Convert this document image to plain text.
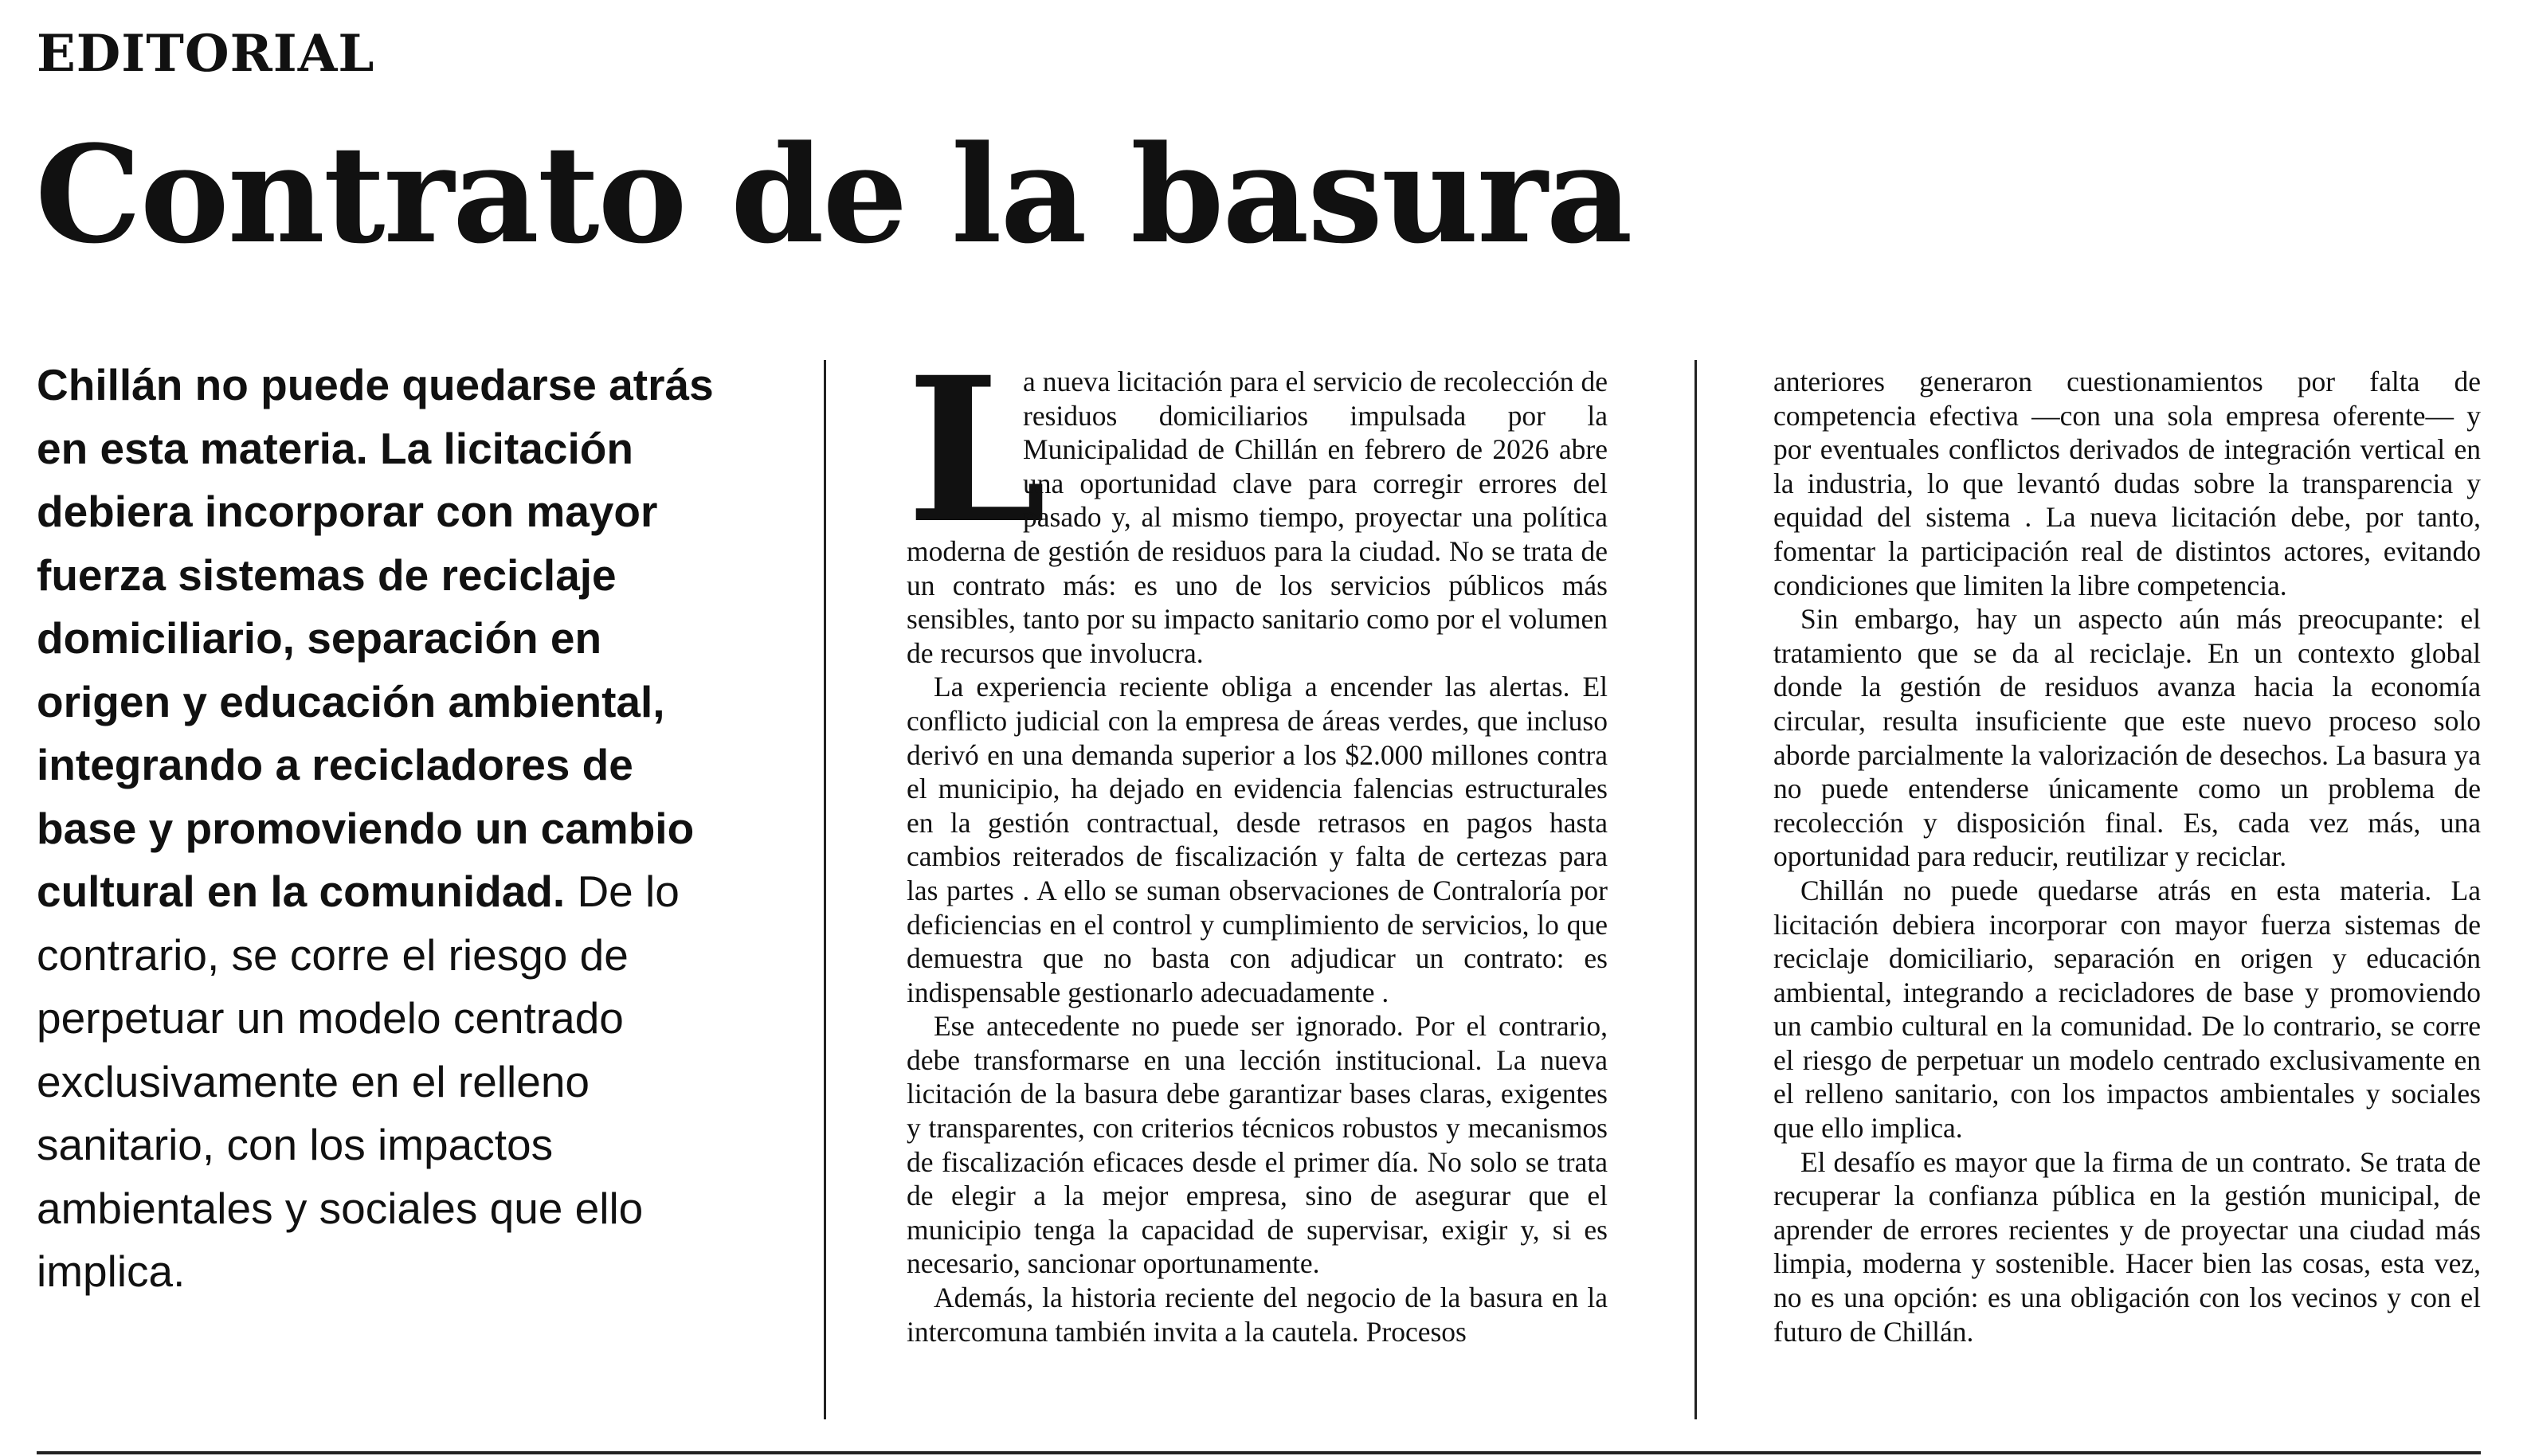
EDITORIAL
Contrato de la basura
Chillán no puede quedarse atrás en esta materia. La licitación debiera incorporar con mayor fuerza sistemas de reciclaje domiciliario, separación en origen y educación ambiental, integrando a recicladores de base y promoviendo un cambio cultural en la comunidad. De lo contrario, se corre el riesgo de perpetuar un modelo centrado exclusivamente en el relleno sanitario, con los impactos ambientales y sociales que ello implica.
L

a nueva licitación para el servicio de recolección de residuos domiciliarios impulsada por la Municipalidad de Chillán en febrero de 2026 abre una oportunidad clave para corregir errores del pasado y, al mismo tiempo, proyectar una política moderna de gestión de residuos para la ciudad. No se trata de un contrato más: es uno de los servicios públicos más sensibles, tanto por su impacto sanitario como por el volumen de recursos que involucra.

La experiencia reciente obliga a encender las alertas. El conflicto judicial con la empresa de áreas verdes, que incluso derivó en una demanda superior a los $2.000 millones contra el municipio, ha dejado en evidencia falencias estructurales en la gestión contractual, desde retrasos en pagos hasta cambios reiterados de fiscalización y falta de certezas para las partes . A ello se suman observaciones de Contraloría por deficiencias en el control y cumplimiento de servicios, lo que demuestra que no basta con adjudicar un contrato: es indispensable gestionarlo adecuadamente .

Ese antecedente no puede ser ignorado. Por el contrario, debe transformarse en una lección institucional. La nueva licitación de la basura debe garantizar bases claras, exigentes y transparentes, con criterios técnicos robustos y mecanismos de fiscalización eficaces desde el primer día. No solo se trata de elegir a la mejor empresa, sino de asegurar que el municipio tenga la capacidad de supervisar, exigir y, si es necesario, sancionar oportunamente.

Además, la historia reciente del negocio de la basura en la intercomuna también invita a la cautela. Procesos

anteriores generaron cuestionamientos por falta de competencia efectiva —con una sola empresa oferente— y por eventuales conflictos derivados de integración vertical en la industria, lo que levantó dudas sobre la transparencia y equidad del sistema . La nueva licitación debe, por tanto, fomentar la participación real de distintos actores, evitando condiciones que limiten la libre competencia.

Sin embargo, hay un aspecto aún más preocupante: el tratamiento que se da al reciclaje. En un contexto global donde la gestión de residuos avanza hacia la economía circular, resulta insuficiente que este nuevo proceso solo aborde parcialmente la valorización de desechos. La basura ya no puede entenderse únicamente como un problema de recolección y disposición final. Es, cada vez más, una oportunidad para reducir, reutilizar y reciclar.

Chillán no puede quedarse atrás en esta materia. La licitación debiera incorporar con mayor fuerza sistemas de reciclaje domiciliario, separación en origen y educación ambiental, integrando a recicladores de base y promoviendo un cambio cultural en la comunidad. De lo contrario, se corre el riesgo de perpetuar un modelo centrado exclusivamente en el relleno sanitario, con los impactos ambientales y sociales que ello implica.

El desafío es mayor que la firma de un contrato. Se trata de recuperar la confianza pública en la gestión municipal, de aprender de errores recientes y de proyectar una ciudad más limpia, moderna y sostenible. Hacer bien las cosas, esta vez, no es una opción: es una obligación con los vecinos y con el futuro de Chillán.
